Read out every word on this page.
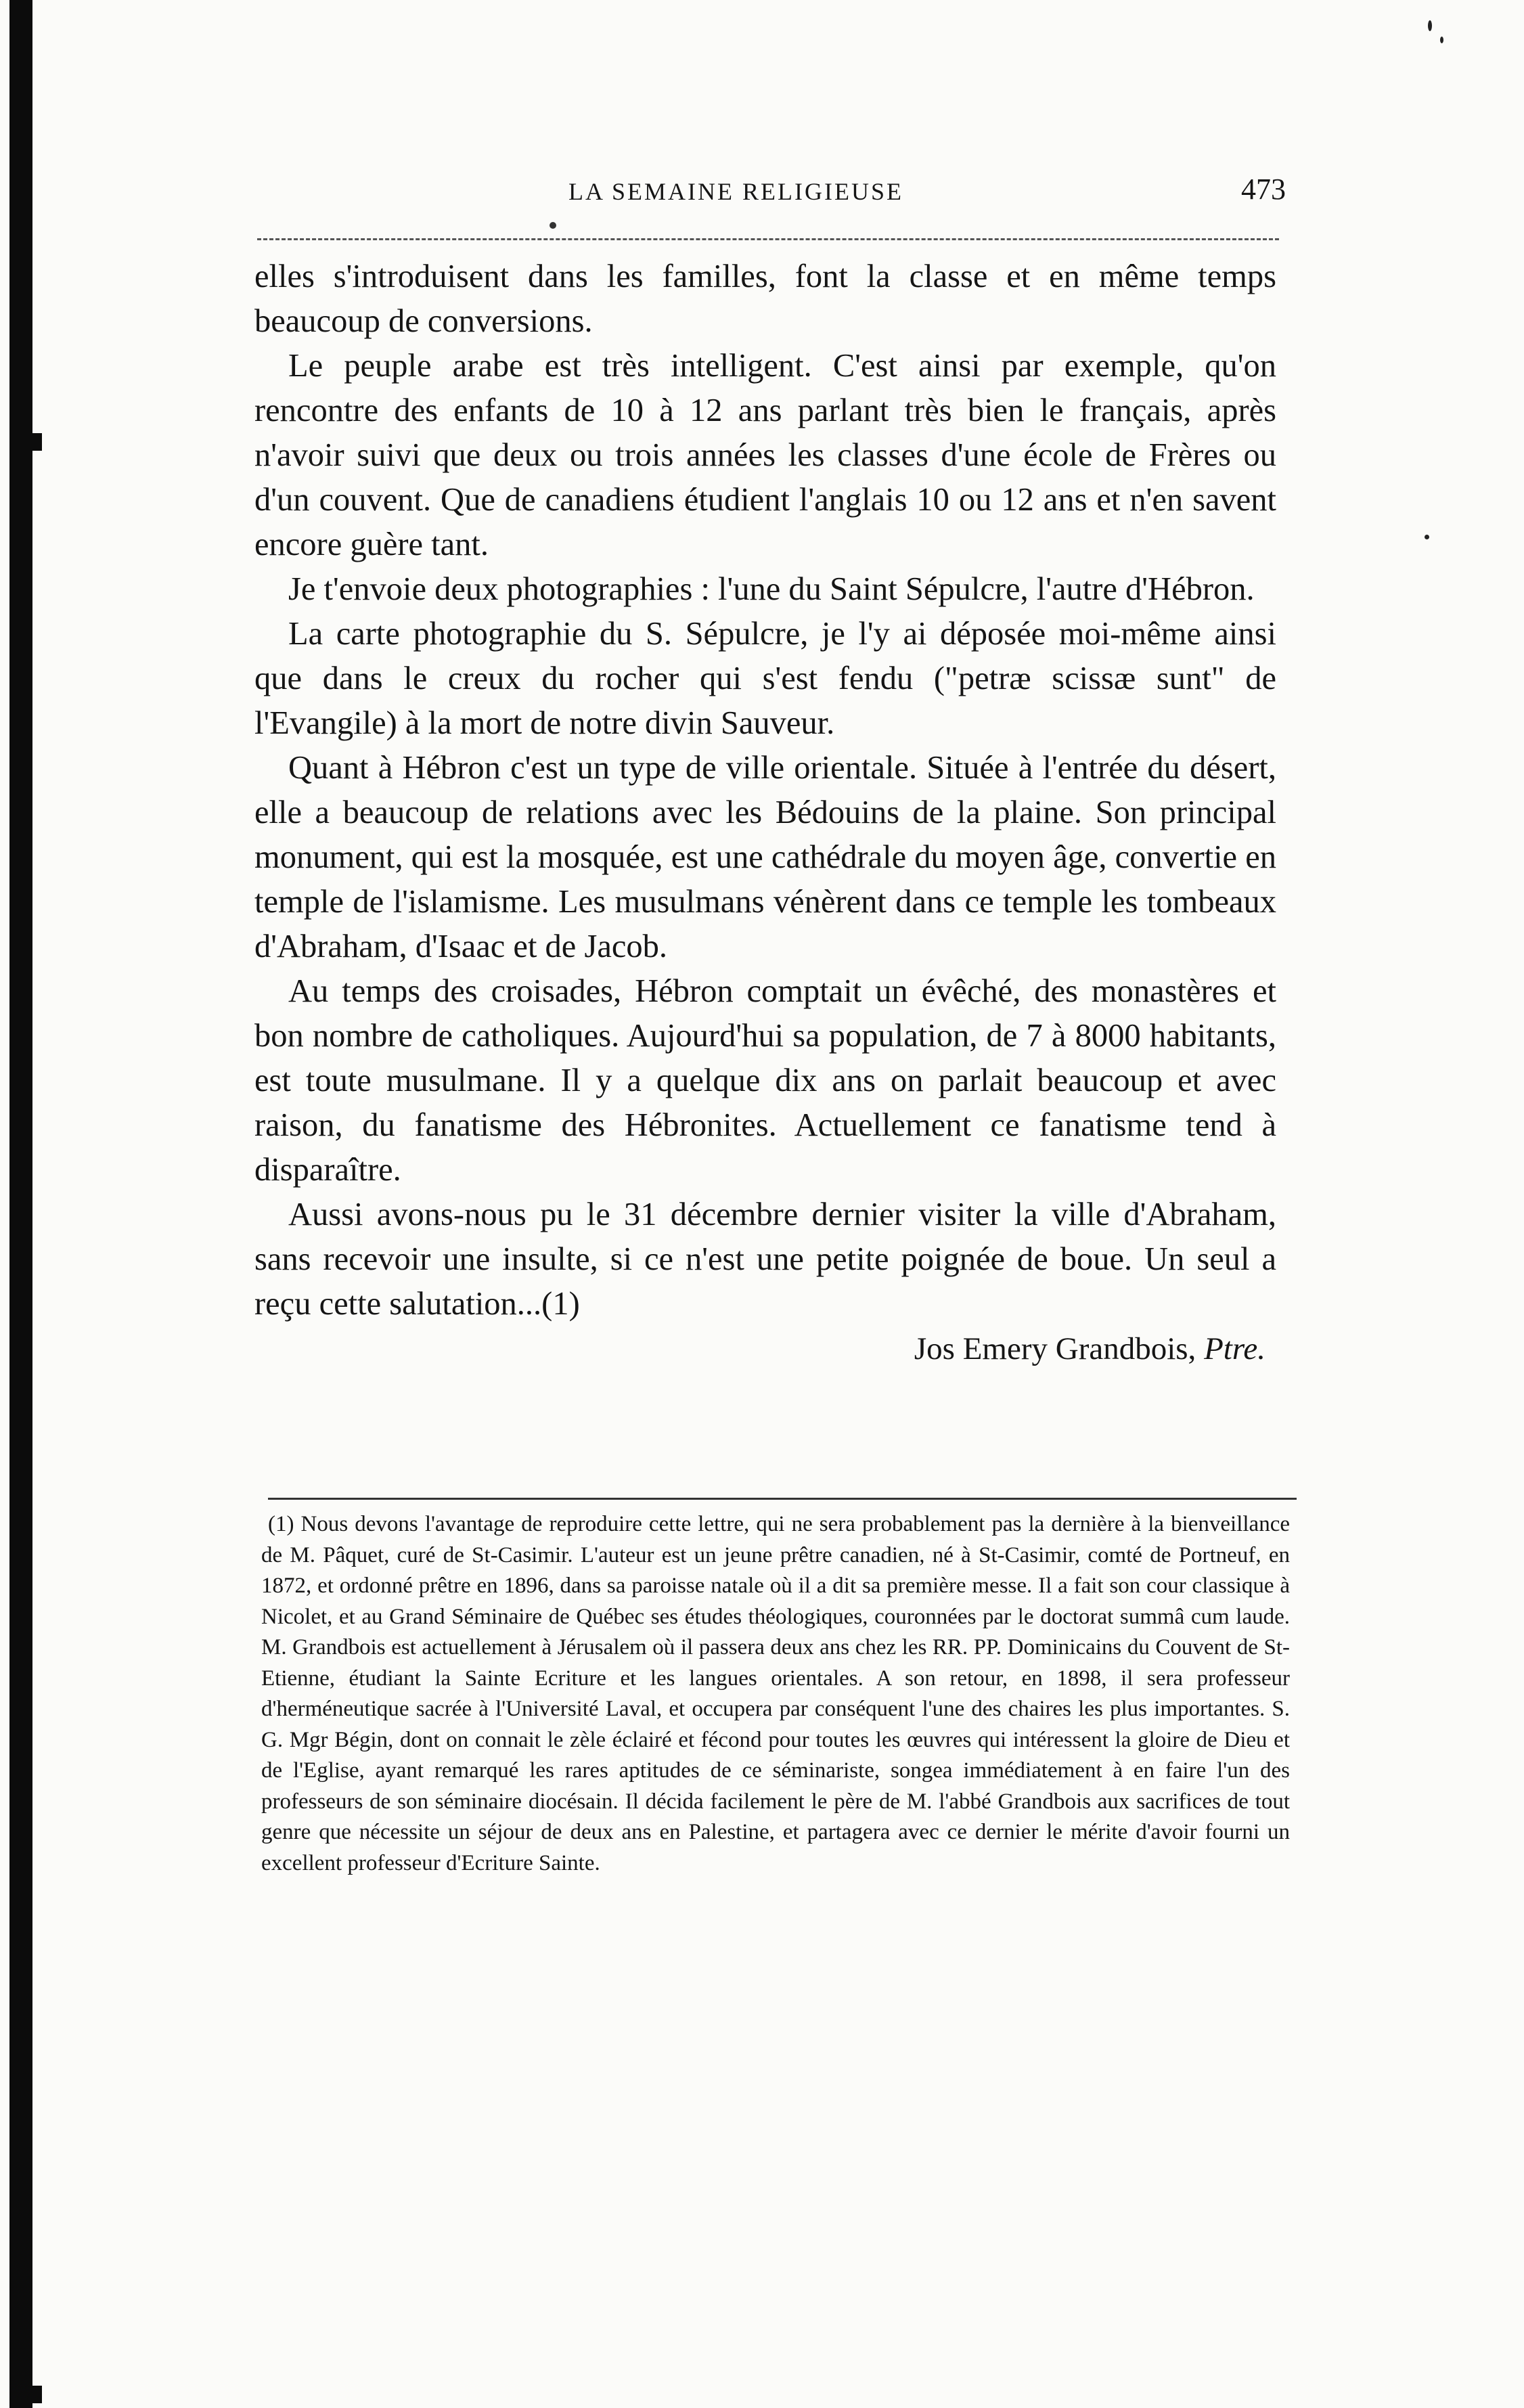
LA SEMAINE RELIGIEUSE	473

elles s'introduisent dans les familles, font la classe et en même temps beaucoup de conversions.

Le peuple arabe est très intelligent. C'est ainsi par exemple, qu'on rencontre des enfants de 10 à 12 ans parlant très bien le français, après n'avoir suivi que deux ou trois années les classes d'une école de Frères ou d'un couvent. Que de canadiens étudient l'anglais 10 ou 12 ans et n'en savent encore guère tant.

Je t'envoie deux photographies : l'une du Saint Sépulcre, l'autre d'Hébron.

La carte photographie du S. Sépulcre, je l'y ai déposée moi-même ainsi que dans le creux du rocher qui s'est fendu ("petræ scissæ sunt" de l'Evangile) à la mort de notre divin Sauveur.

Quant à Hébron c'est un type de ville orientale. Située à l'entrée du désert, elle a beaucoup de relations avec les Bédouins de la plaine. Son principal monument, qui est la mosquée, est une cathédrale du moyen âge, convertie en temple de l'islamisme. Les musulmans vénèrent dans ce temple les tombeaux d'Abraham, d'Isaac et de Jacob.

Au temps des croisades, Hébron comptait un évêché, des monastères et bon nombre de catholiques. Aujourd'hui sa population, de 7 à 8000 habitants, est toute musulmane. Il y a quelque dix ans on parlait beaucoup et avec raison, du fanatisme des Hébronites. Actuellement ce fanatisme tend à disparaître.

Aussi avons-nous pu le 31 décembre dernier visiter la ville d'Abraham, sans recevoir une insulte, si ce n'est une petite poignée de boue. Un seul a reçu cette salutation...(1)

Jos Emery Grandbois, Ptre.

(1) Nous devons l'avantage de reproduire cette lettre, qui ne sera probablement pas la dernière à la bienveillance de M. Pâquet, curé de St-Casimir. L'auteur est un jeune prêtre canadien, né à St-Casimir, comté de Portneuf, en 1872, et ordonné prêtre en 1896, dans sa paroisse natale où il a dit sa première messe. Il a fait son cour classique à Nicolet, et au Grand Séminaire de Québec ses études théologiques, couronnées par le doctorat summâ cum laude. M. Grandbois est actuellement à Jérusalem où il passera deux ans chez les RR. PP. Dominicains du Couvent de St-Etienne, étudiant la Sainte Ecriture et les langues orientales. A son retour, en 1898, il sera professeur d'herméneutique sacrée à l'Université Laval, et occupera par conséquent l'une des chaires les plus importantes. S. G. Mgr Bégin, dont on connait le zèle éclairé et fécond pour toutes les œuvres qui intéressent la gloire de Dieu et de l'Eglise, ayant remarqué les rares aptitudes de ce séminariste, songea immédiatement à en faire l'un des professeurs de son séminaire diocésain. Il décida facilement le père de M. l'abbé Grandbois aux sacrifices de tout genre que nécessite un séjour de deux ans en Palestine, et partagera avec ce dernier le mérite d'avoir fourni un excellent professeur d'Ecriture Sainte.
